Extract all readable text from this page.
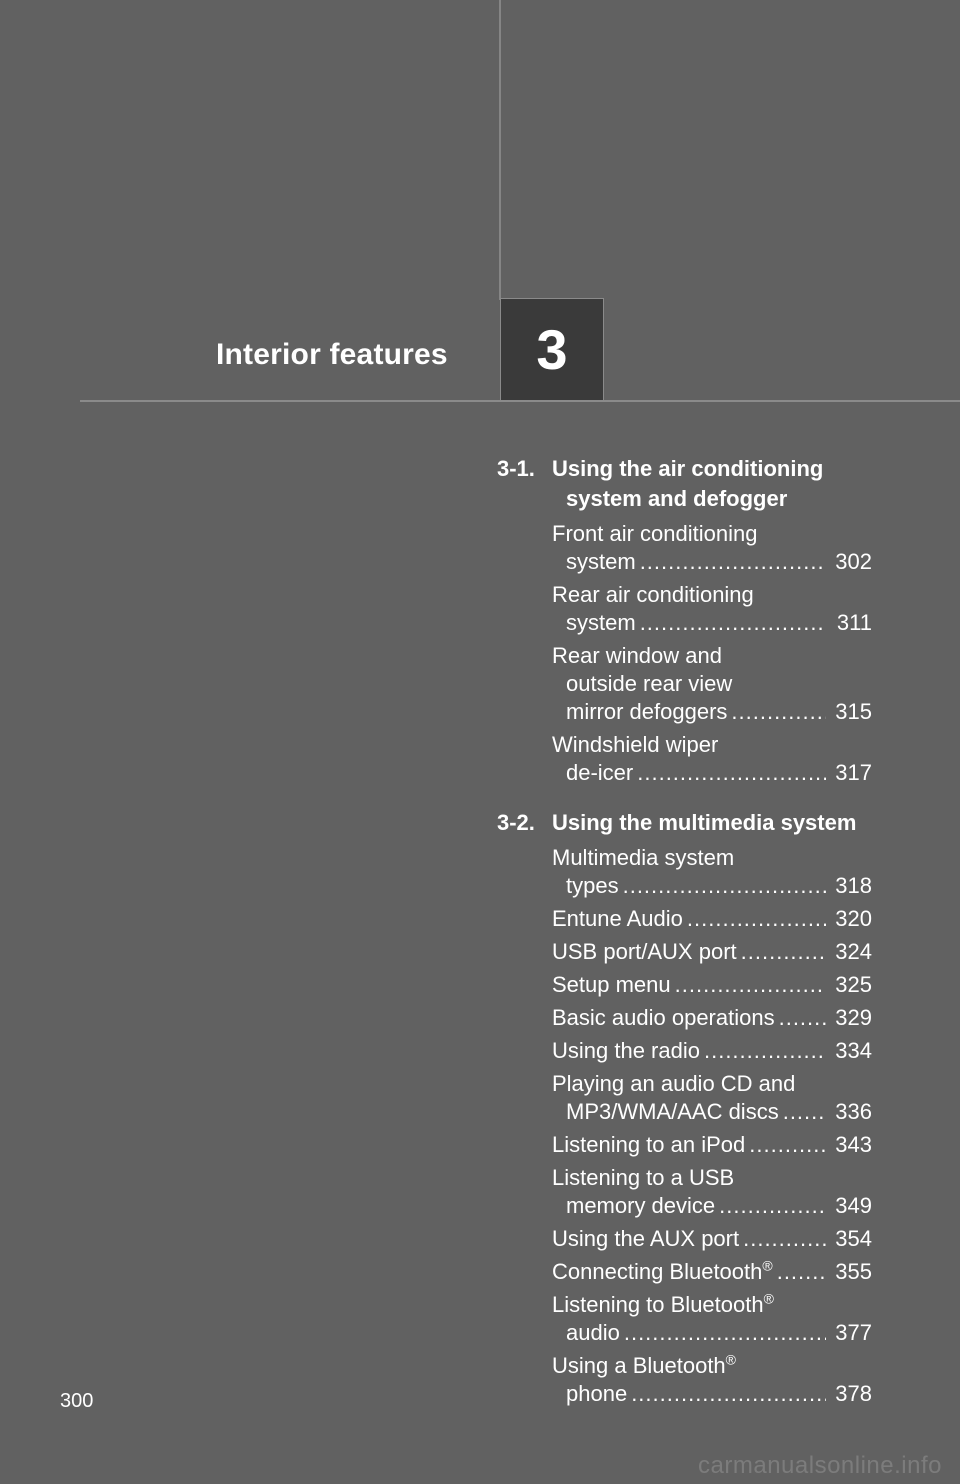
Interior features 3
3-1. Using the air conditioning
system and defogger
Front air conditioning
system .....	302
Rear air conditioning
system .....	311
Rear window and
outside rear view
mirror defoggers .....	315
Windshield wiper
de-icer .....	317
3-2. Using the multimedia system
Multimedia system
types .....	318
Entune Audio .....	320
USB port/AUX port .....	324
Setup menu .....	325
Basic audio operations .....	329
Using the radio .....	334
Playing an audio CD and
MP3/WMA/AAC discs .....	336
Listening to an iPod .....	343
Listening to a USB
memory device .....	349
Using the AUX port .....	354
Connecting Bluetooth® .....	355
Listening to Bluetooth®
audio .....	377
Using a Bluetooth®
phone .....	378
300
carmanualsonline.info
